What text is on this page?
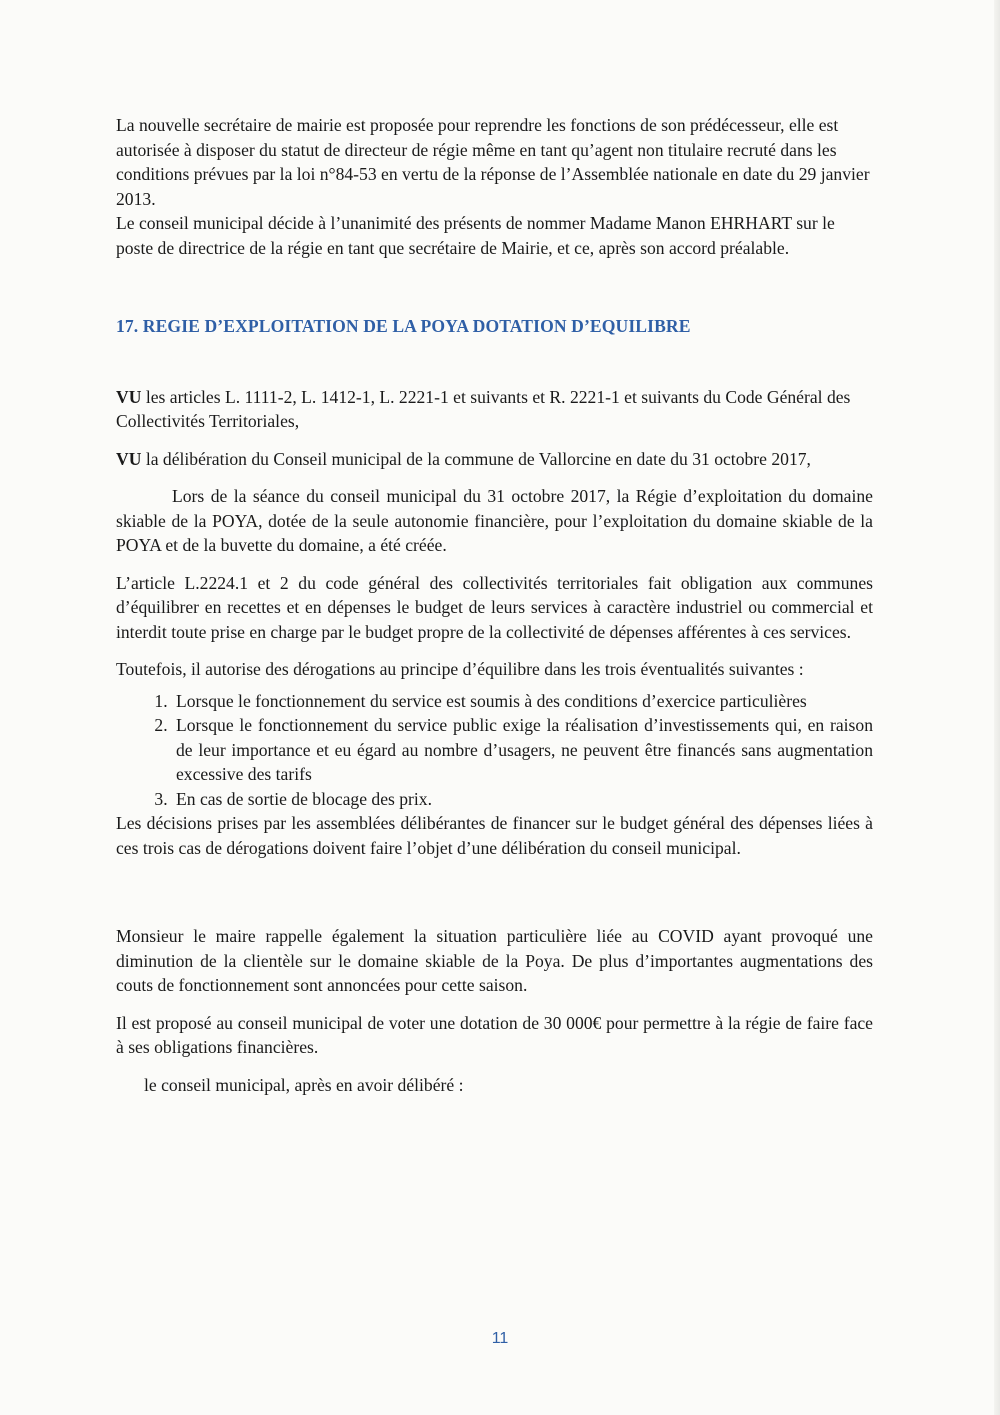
La nouvelle secrétaire de mairie est proposée pour reprendre les fonctions de son prédécesseur, elle est autorisée à disposer du statut de directeur de régie même en tant qu’agent non titulaire recruté dans les conditions prévues par la loi n°84-53 en vertu de la réponse de l’Assemblée nationale en date du 29 janvier 2013.

Le conseil municipal décide à l’unanimité des présents de nommer Madame Manon EHRHART sur le poste de directrice de la régie en tant que secrétaire de Mairie, et ce, après son accord préalable.

17. REGIE D’EXPLOITATION DE LA POYA DOTATION D’EQUILIBRE

VU les articles L. 1111-2, L. 1412-1, L. 2221-1 et suivants et R. 2221-1 et suivants du Code Général des Collectivités Territoriales,

VU la délibération du Conseil municipal de la commune de Vallorcine en date du 31 octobre 2017,

Lors de la séance du conseil municipal du 31 octobre 2017, la Régie d’exploitation du domaine skiable de la POYA, dotée de la seule autonomie financière, pour l’exploitation du domaine skiable de la POYA et de la buvette du domaine, a été créée.

L’article L.2224.1 et 2 du code général des collectivités territoriales fait obligation aux communes d’équilibrer en recettes et en dépenses le budget de leurs services à caractère industriel ou commercial et interdit toute prise en charge par le budget propre de la collectivité de dépenses afférentes à ces services.

Toutefois, il autorise des dérogations au principe d’équilibre dans les trois éventualités suivantes :

1. Lorsque le fonctionnement du service est soumis à des conditions d’exercice particulières
2. Lorsque le fonctionnement du service public exige la réalisation d’investissements qui, en raison de leur importance et eu égard au nombre d’usagers, ne peuvent être financés sans augmentation excessive des tarifs
3. En cas de sortie de blocage des prix.

Les décisions prises par les assemblées délibérantes de financer sur le budget général des dépenses liées à ces trois cas de dérogations doivent faire l’objet d’une délibération du conseil municipal.

Monsieur le maire rappelle également la situation particulière liée au COVID ayant provoqué une diminution de la clientèle sur le domaine skiable de la Poya. De plus d’importantes augmentations des couts de fonctionnement sont annoncées pour cette saison.

Il est proposé au conseil municipal de voter une dotation de 30 000€ pour permettre à la régie de faire face à ses obligations financières.

le conseil municipal, après en avoir délibéré :

11
